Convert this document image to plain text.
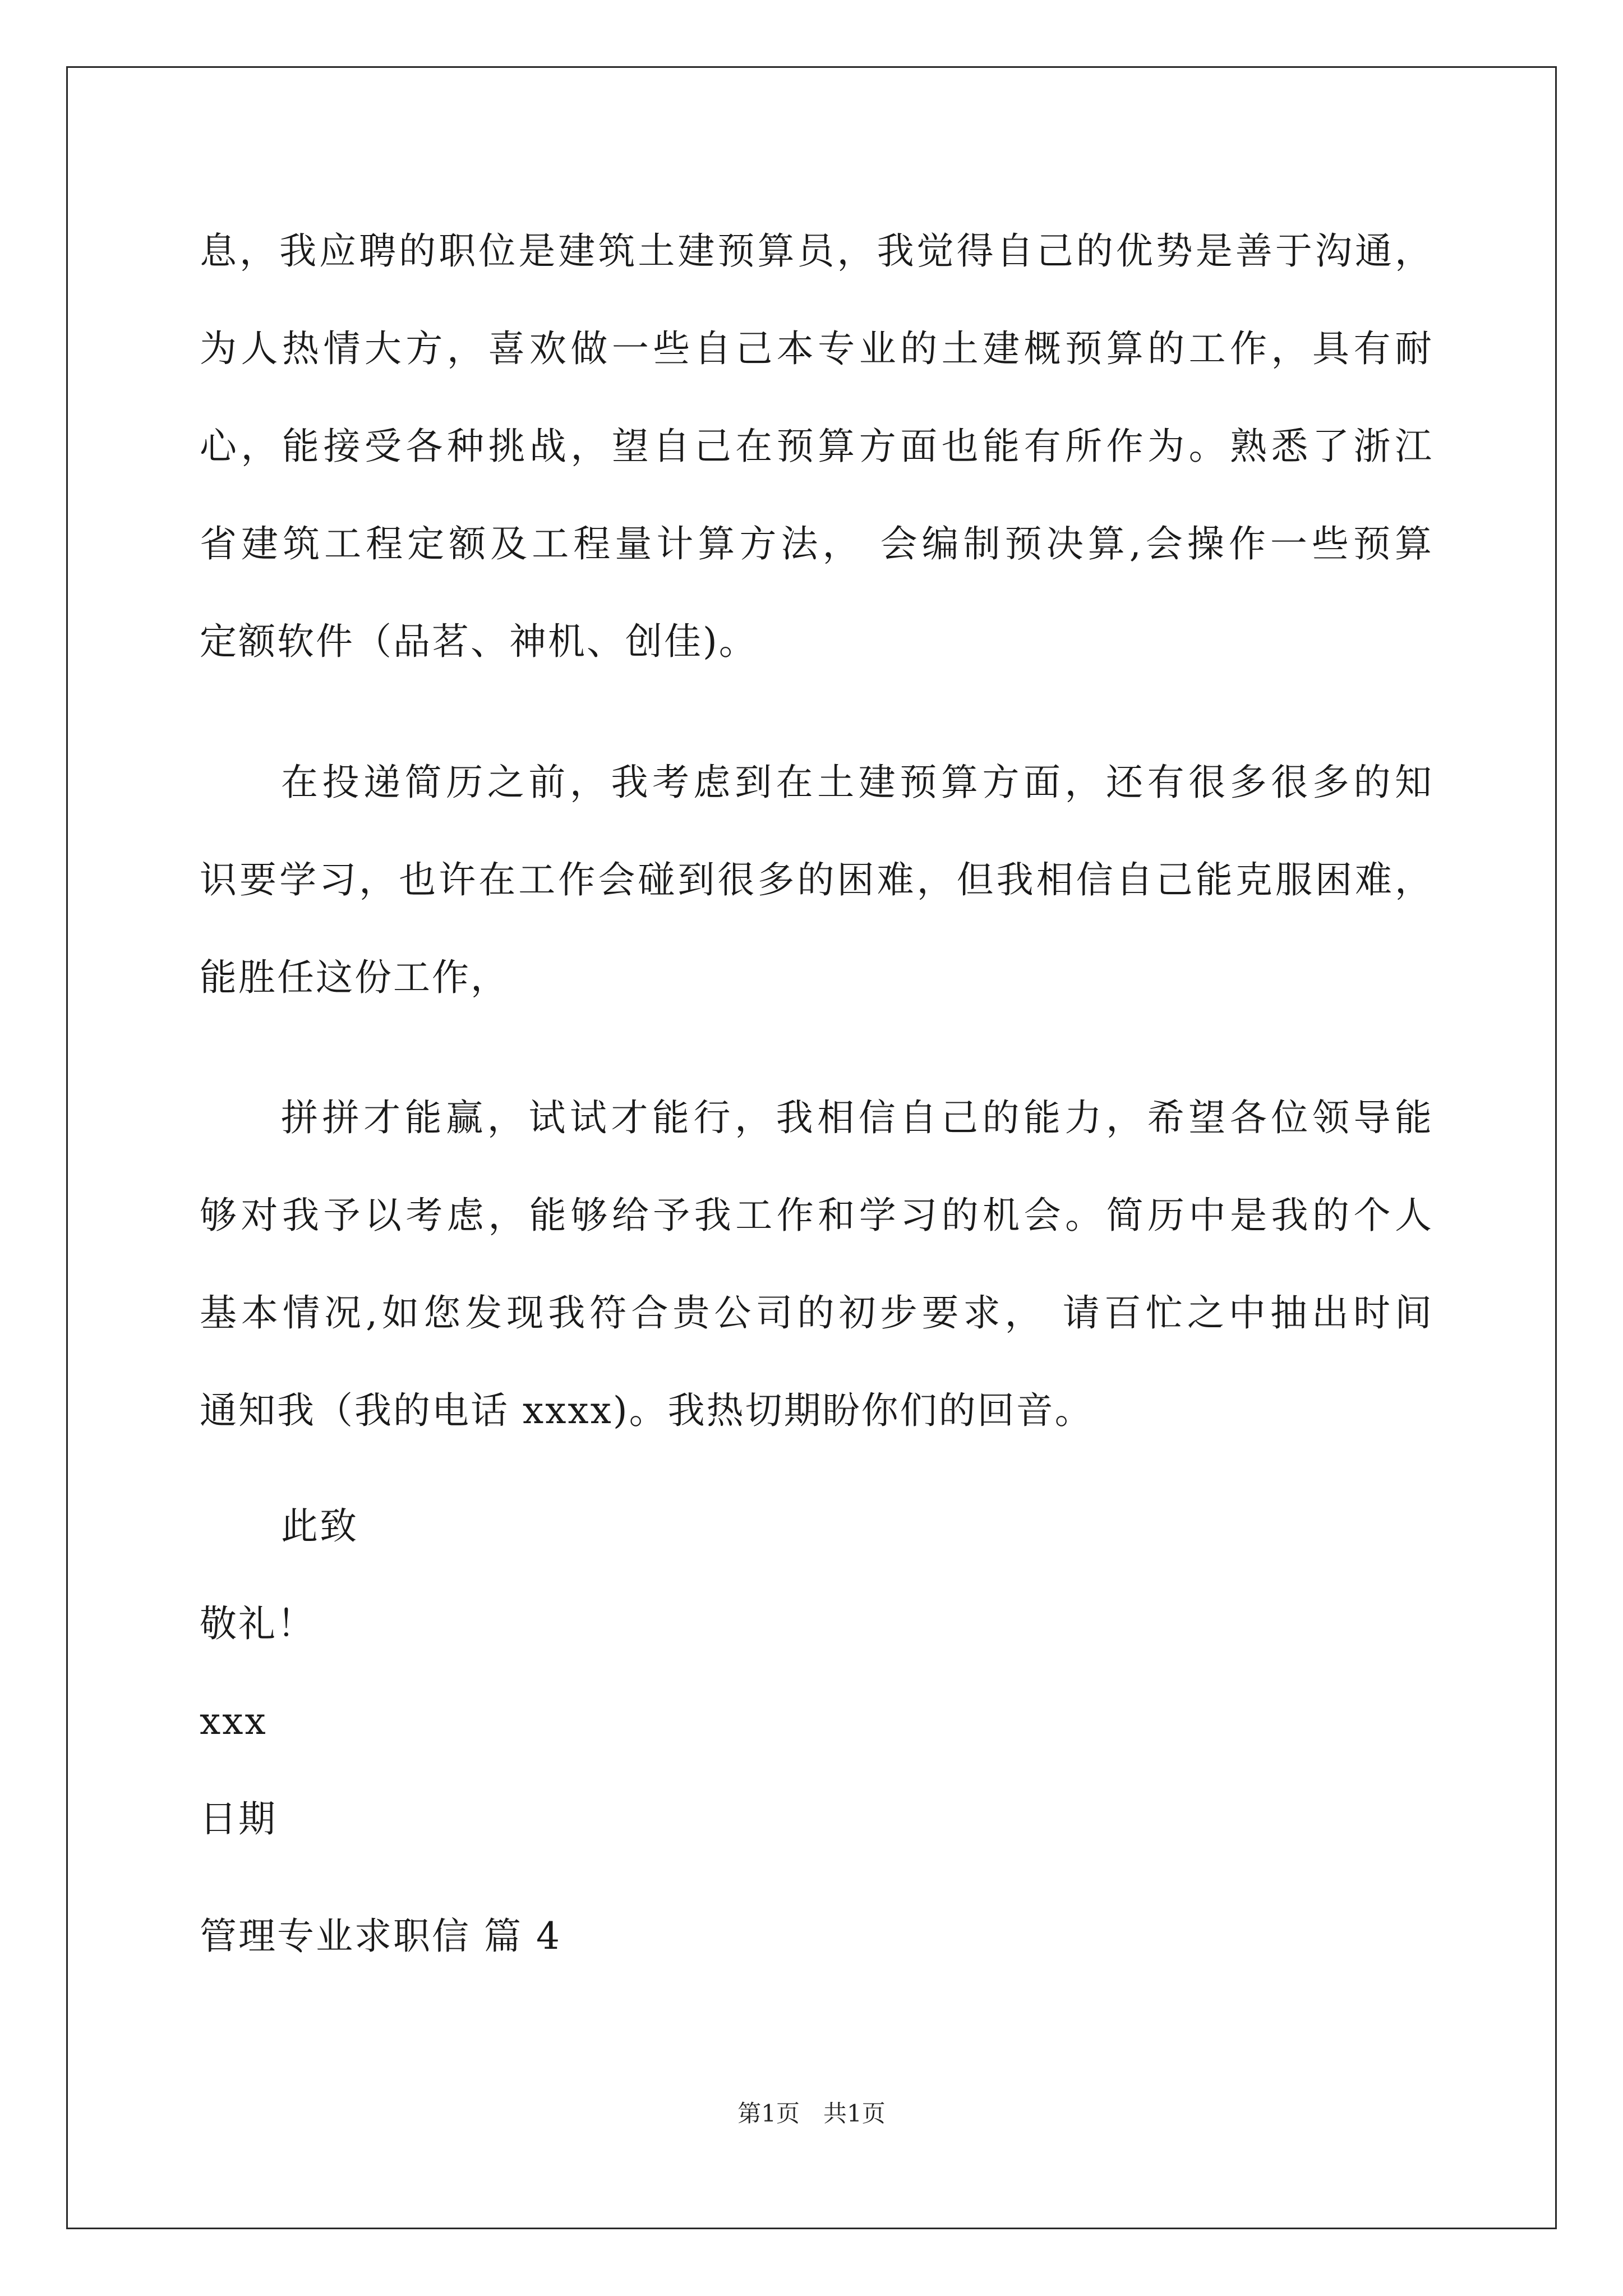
息，我应聘的职位是建筑土建预算员，我觉得自己的优势是善于沟通，
为人热情大方，喜欢做一些自己本专业的土建概预算的工作，具有耐
心，能接受各种挑战，望自己在预算方面也能有所作为。熟悉了浙江
省建筑工程定额及工程量计算方法， 会编制预决算,会操作一些预算
定额软件（品茗、神机、创佳)。
在投递简历之前，我考虑到在土建预算方面，还有很多很多的知
识要学习，也许在工作会碰到很多的困难，但我相信自己能克服困难，
能胜任这份工作，
拼拼才能赢，试试才能行，我相信自己的能力，希望各位领导能
够对我予以考虑，能够给予我工作和学习的机会。简历中是我的个人
基本情况,如您发现我符合贵公司的初步要求， 请百忙之中抽出时间
通知我（我的电话 xxxx)。我热切期盼你们的回音。
此致
敬礼！
xxx
日期
管理专业求职信 篇 4
第1页　共1页
